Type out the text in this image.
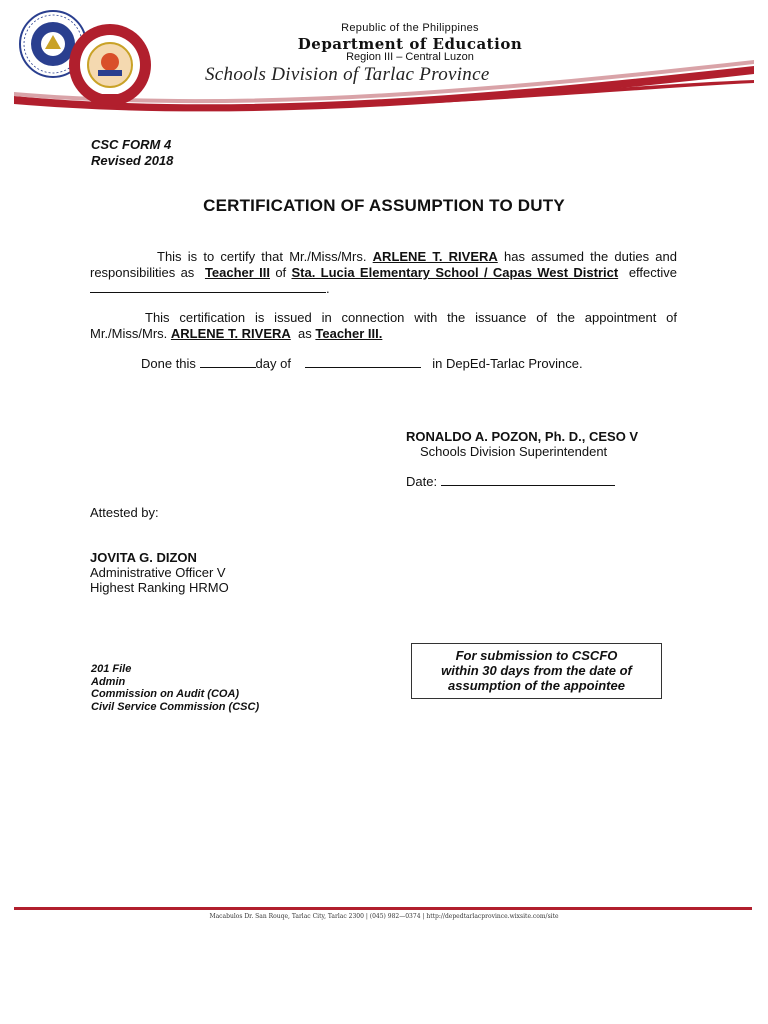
Republic of the Philippines
Department of Education
Region III – Central Luzon
Schools Division of Tarlac Province
CSC FORM 4
Revised 2018
CERTIFICATION OF ASSUMPTION TO DUTY
This is to certify that Mr./Miss/Mrs. ARLENE T. RIVERA has assumed the duties and responsibilities as Teacher III of Sta. Lucia Elementary School / Capas West District effective .
This certification is issued in connection with the issuance of the appointment of Mr./Miss/Mrs. ARLENE T. RIVERA as Teacher III.
Done this	day of	in DepEd-Tarlac Province.
RONALDO A. POZON, Ph. D., CESO V
Schools Division Superintendent
Date:
Attested by:
JOVITA G. DIZON
Administrative Officer V
Highest Ranking HRMO
For submission to CSCFO
within 30 days from the date of
assumption of the appointee
201 File
Admin
Commission on Audit (COA)
Civil Service Commission (CSC)
Macabulos Dr. San Rouqe, Tarlac City, Tarlac 2300 | (045) 982—0374 | http://depedtarlacprovince.wixsite.com/site
